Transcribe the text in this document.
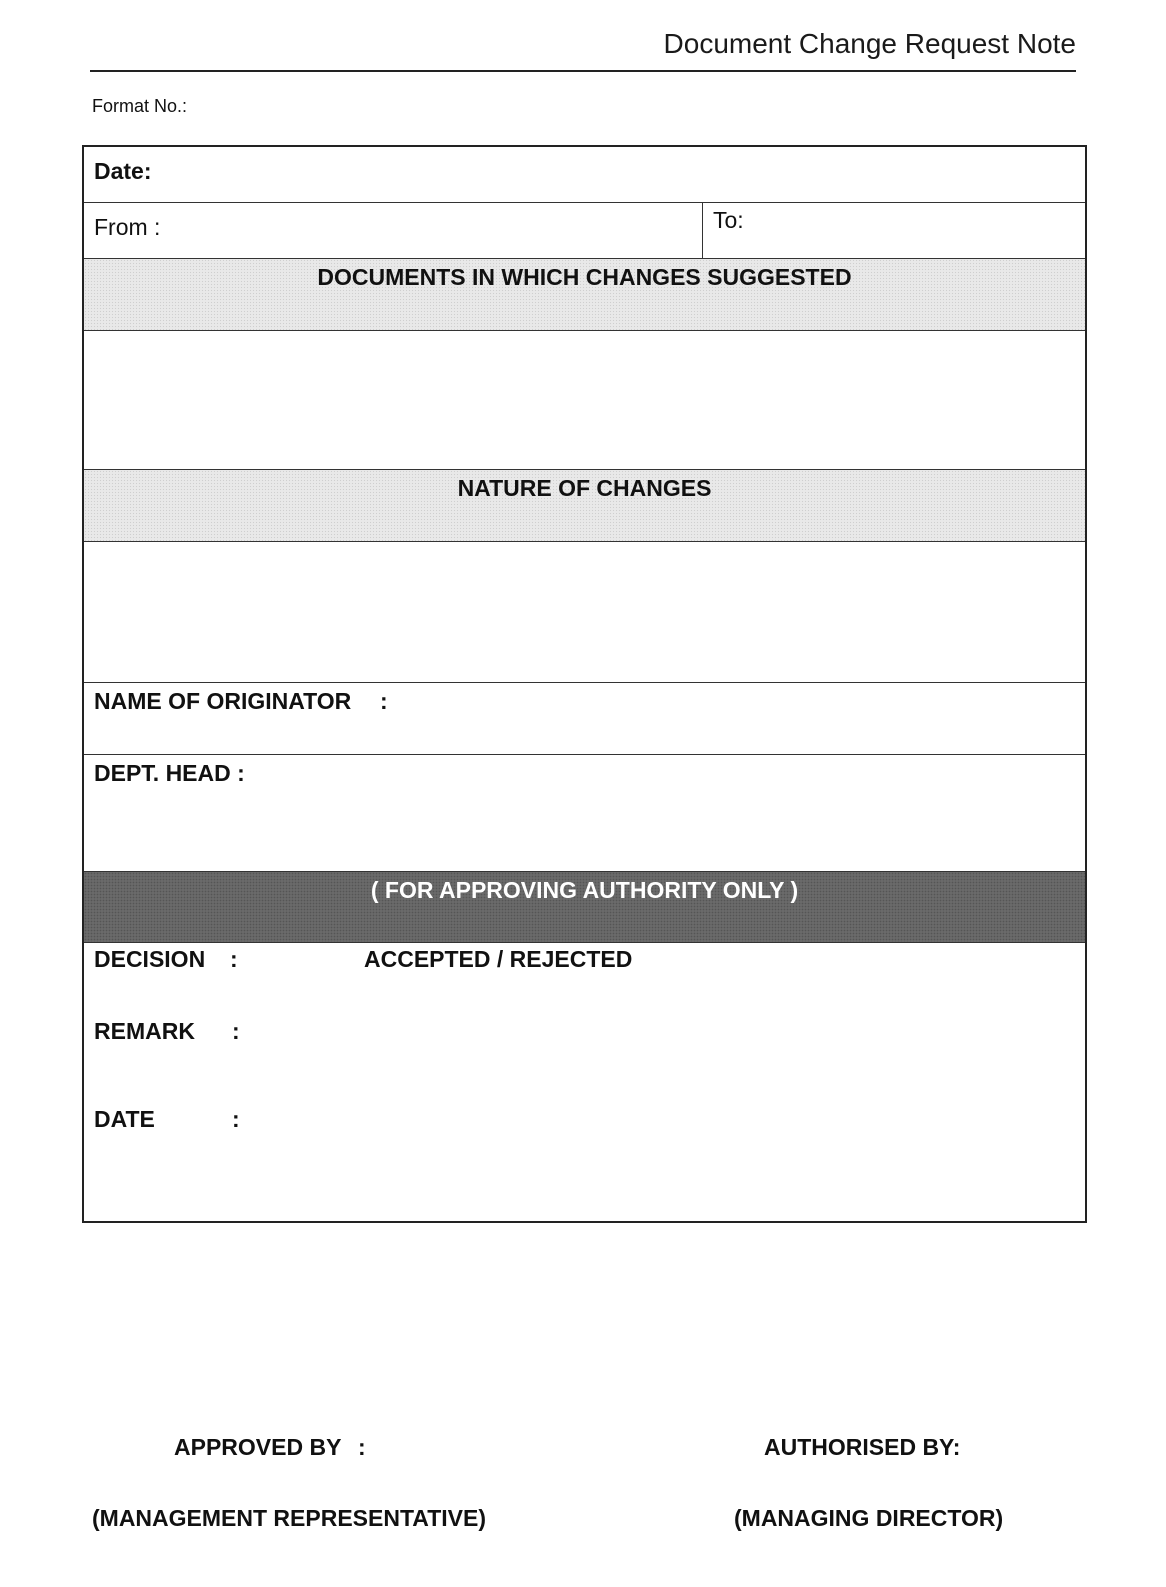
Document Change Request Note
Format No.:
Date:
From :	To:
DOCUMENTS IN WHICH CHANGES SUGGESTED
NATURE OF CHANGES
NAME OF ORIGINATOR :
DEPT. HEAD :
( FOR APPROVING AUTHORITY ONLY )
DECISION :	ACCEPTED / REJECTED
REMARK :
DATE	:
APPROVED BY :	AUTHORISED BY:
(MANAGEMENT REPRESENTATIVE)	(MANAGING DIRECTOR)
